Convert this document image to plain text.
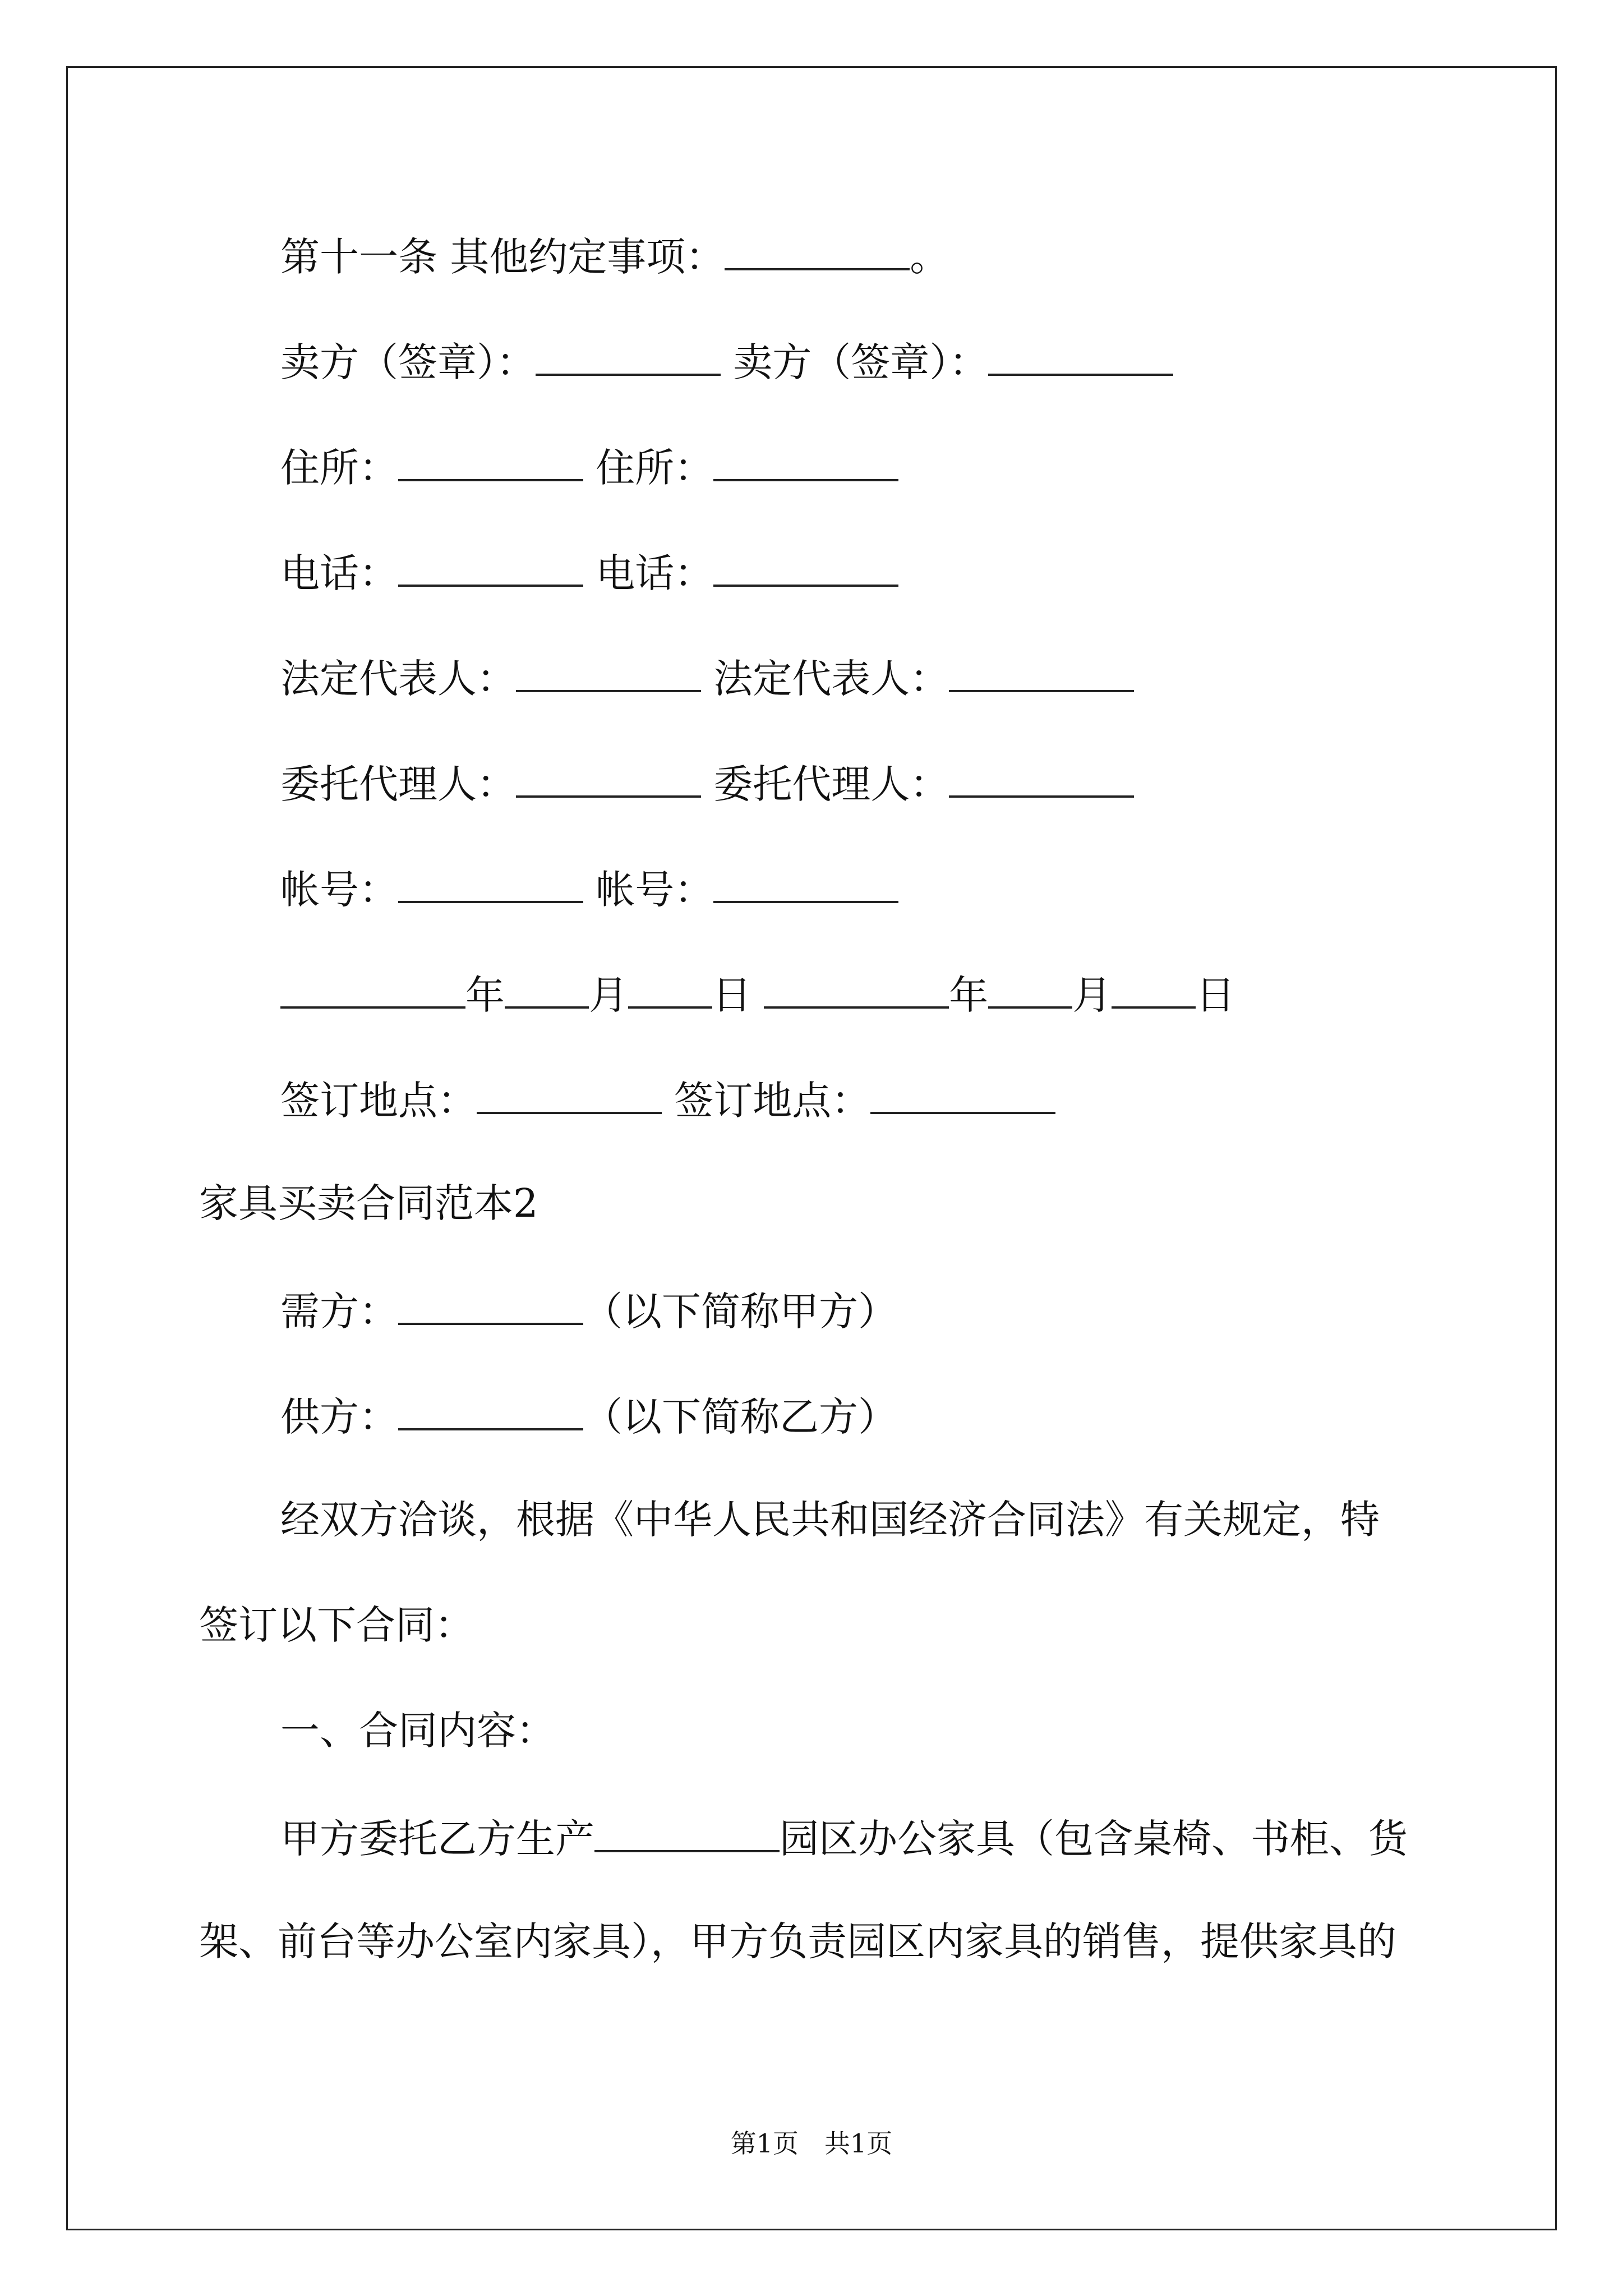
第十一条 其他约定事项：	。
卖方（签章）：	卖方（签章）：
住所：	住所：
电话：	电话：
法定代表人：	法定代表人：
委托代理人：	委托代理人：
帐号：	帐号：
年 月 日	年 月 日
签订地点：	签订地点：
家具买卖合同范本2
需方：	（以下简称甲方）
供方：	（以下简称乙方）
经双方洽谈，根据《中华人民共和国经济合同法》有关规定，特
签订以下合同：
一、合同内容：
甲方委托乙方生产	园区办公家具（包含桌椅、书柜、货
架、前台等办公室内家具），甲方负责园区内家具的销售，提供家具的
第1页　共1页
